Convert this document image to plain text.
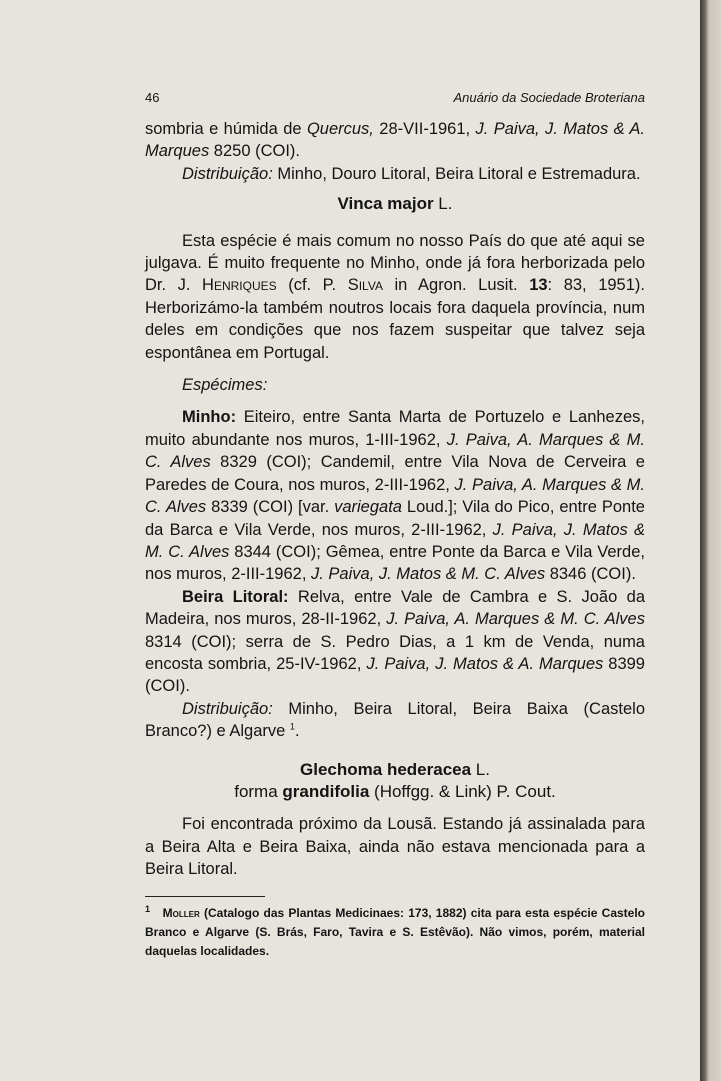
46	Anuário da Sociedade Broteriana

sombria e húmida de Quercus, 28-VII-1961, J. Paiva, J. Matos & A. Marques 8250 (COI).

Distribuição: Minho, Douro Litoral, Beira Litoral e Estremadura.

Vinca major L.

Esta espécie é mais comum no nosso País do que até aqui se julgava. É muito frequente no Minho, onde já fora herborizada pelo Dr. J. Henriques (cf. P. Silva in Agron. Lusit. 13: 83, 1951). Herborizámo-la também noutros locais fora daquela província, num deles em condições que nos fazem suspeitar que talvez seja espontânea em Portugal.

Espécimes:

Minho: Eiteiro, entre Santa Marta de Portuzelo e Lanhezes, muito abundante nos muros, 1-III-1962, J. Paiva, A. Marques & M. C. Alves 8329 (COI); Candemil, entre Vila Nova de Cerveira e Paredes de Coura, nos muros, 2-III-1962, J. Paiva, A. Marques & M. C. Alves 8339 (COI) [var. variegata Loud.]; Vila do Pico, entre Ponte da Barca e Vila Verde, nos muros, 2-III-1962, J. Paiva, J. Matos & M. C. Alves 8344 (COI); Gêmea, entre Ponte da Barca e Vila Verde, nos muros, 2-III-1962, J. Paiva, J. Matos & M. C. Alves 8346 (COI).

Beira Litoral: Relva, entre Vale de Cambra e S. João da Madeira, nos muros, 28-II-1962, J. Paiva, A. Marques & M. C. Alves 8314 (COI); serra de S. Pedro Dias, a 1 km de Venda, numa encosta sombria, 25-IV-1962, J. Paiva, J. Matos & A. Marques 8399 (COI).

Distribuição: Minho, Beira Litoral, Beira Baixa (Castelo Branco?) e Algarve $^1$.

Glechoma hederacea L.

forma grandifolia (Hoffgg. & Link) P. Cout.

Foi encontrada próximo da Lousã. Estando já assinalada para a Beira Alta e Beira Baixa, ainda não estava mencionada para a Beira Litoral.

$^1$ Moller (Catalogo das Plantas Medicinaes: 173, 1882) cita para esta espécie Castelo Branco e Algarve (S. Brás, Faro, Tavira e S. Estêvão). Não vimos, porém, material daquelas localidades.
